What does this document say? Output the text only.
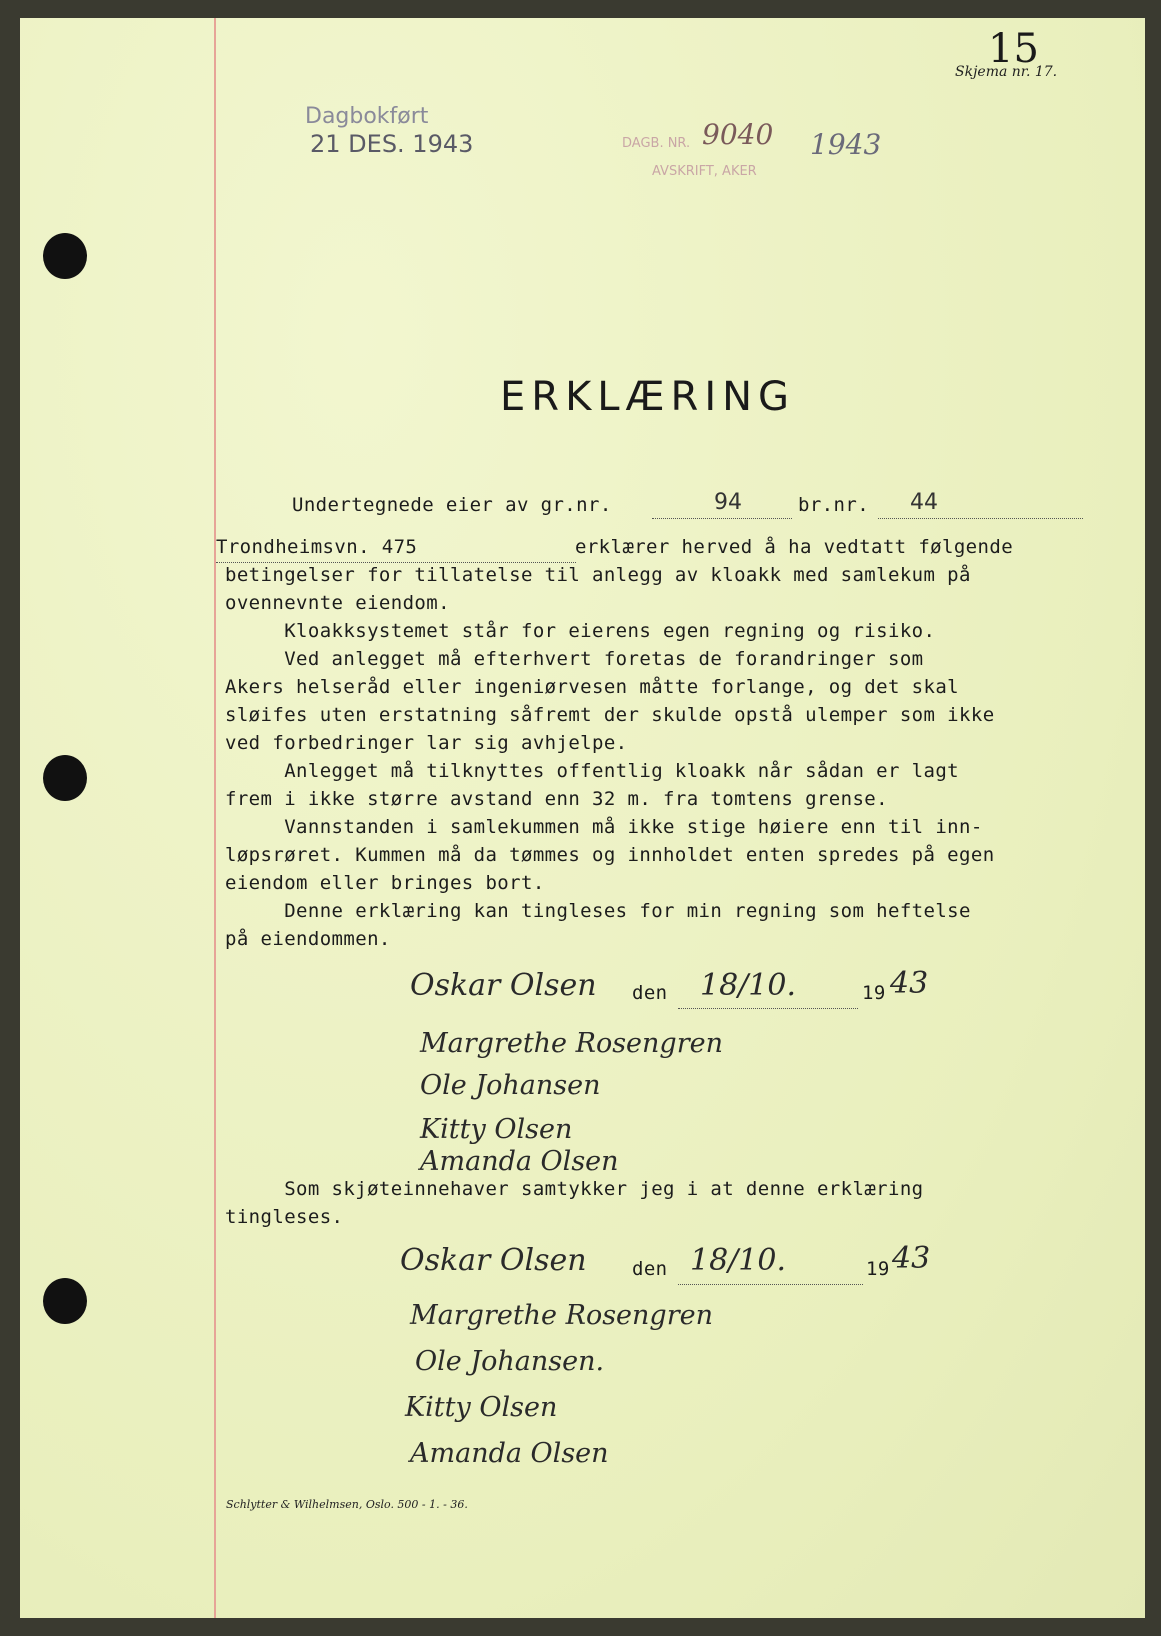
15
Skjema nr. 17.
Dagbokført
21 DES. 1943	DAGB. NR. 9040 1943
AVSKRIFT, AKER
ERKLÆRING
Undertegnede eier av gr.nr.	94	br.nr. 44
Trondheimsvn. 475	erklærer herved å ha vedtatt følgende
betingelser for tillatelse til anlegg av kloakk med samlekum på
ovennevnte eiendom.
Kloakksystemet står for eierens egen regning og risiko.
Ved anlegget må efterhvert foretas de forandringer som
Akers helseråd eller ingeniørvesen måtte forlange, og det skal
sløifes uten erstatning såfremt der skulde opstå ulemper som ikke
ved forbedringer lar sig avhjelpe.
Anlegget må tilknyttes offentlig kloakk når sådan er lagt
frem i ikke større avstand enn 32 m. fra tomtens grense.
Vannstanden i samlekummen må ikke stige høiere enn til inn-
løpsrøret. Kummen må da tømmes og innholdet enten spredes på egen
eiendom eller bringes bort.
Denne erklæring kan tingleses for min regning som heftelse
på eiendommen.
Oskar Olsen den 18/10.	19 43
Margrethe Rosengren
Ole Johansen
Kitty Olsen
Amanda Olsen
Som skjøteinnehaver samtykker jeg i at denne erklæring
tingleses.
Oskar Olsen den 18/10.	19 43
Margrethe Rosengren
Ole Johansen.
Kitty Olsen
Amanda Olsen
Schlytter & Wilhelmsen, Oslo. 500 - 1. - 36.
